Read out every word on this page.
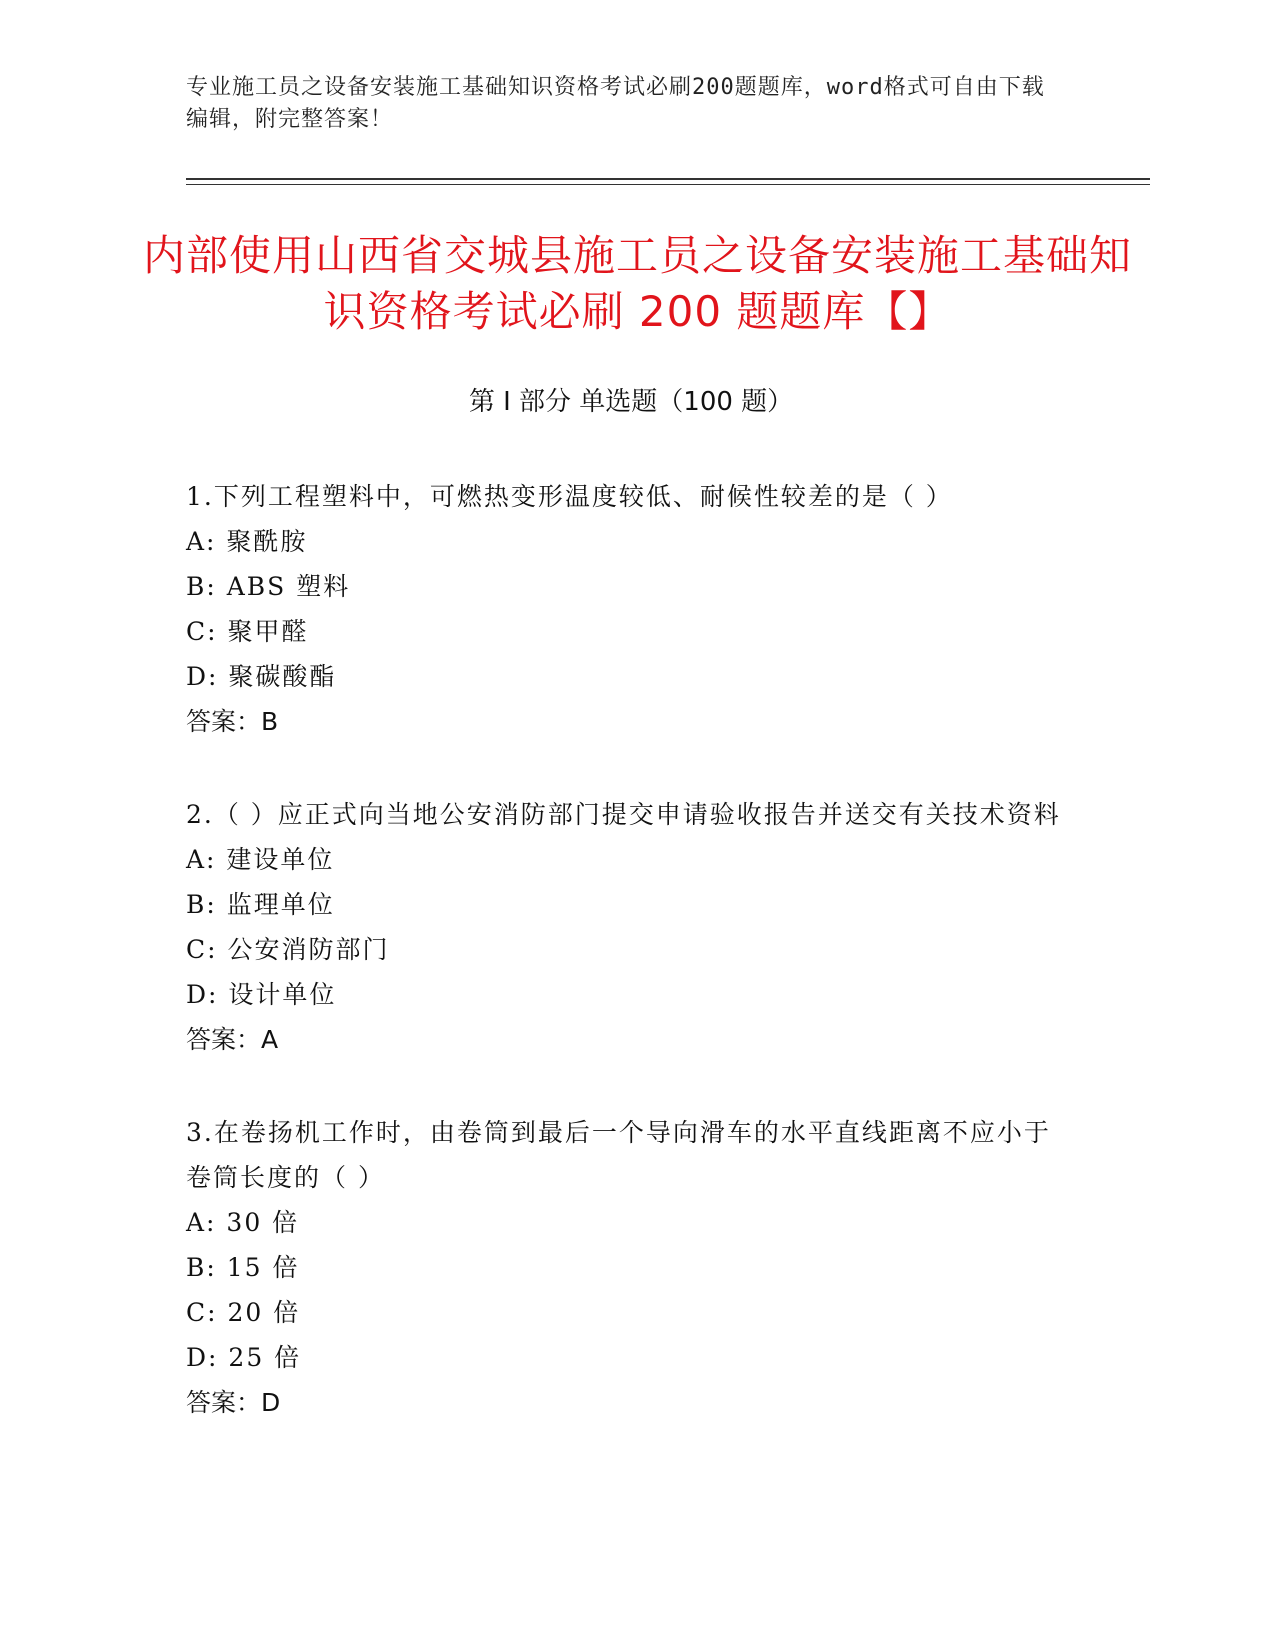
专业施工员之设备安装施工基础知识资格考试必刷200题题库，word格式可自由下载编辑，附完整答案！
内部使用山西省交城县施工员之设备安装施工基础知识资格考试必刷 200 题题库【】
第 I 部分 单选题（100 题）
1.下列工程塑料中，可燃热变形温度较低、耐候性较差的是（ ）
A: 聚酰胺
B: ABS 塑料
C: 聚甲醛
D: 聚碳酸酯
答案：B
2.（ ）应正式向当地公安消防部门提交申请验收报告并送交有关技术资料
A: 建设单位
B: 监理单位
C: 公安消防部门
D: 设计单位
答案：A
3.在卷扬机工作时，由卷筒到最后一个导向滑车的水平直线距离不应小于卷筒长度的（ ）
A: 30 倍
B: 15 倍
C: 20 倍
D: 25 倍
答案：D
